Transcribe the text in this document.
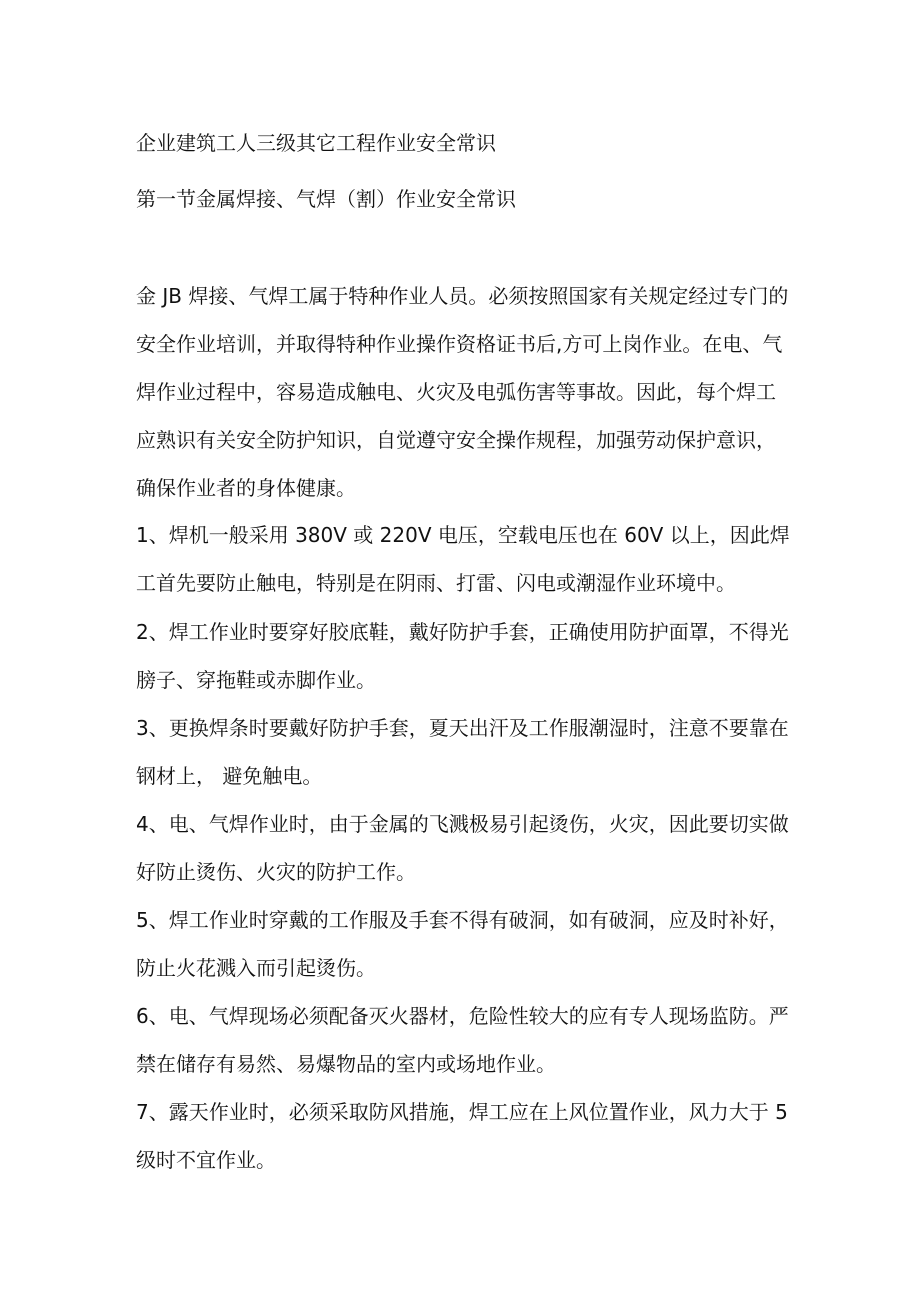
企业建筑工人三级其它工程作业安全常识
第一节金属焊接、气焊（割）作业安全常识
金 JB 焊接、气焊工属于特种作业人员。必须按照国家有关规定经过专门的
安全作业培训，并取得特种作业操作资格证书后,方可上岗作业。在电、气
焊作业过程中，容易造成触电、火灾及电弧伤害等事故。因此，每个焊工
应熟识有关安全防护知识，自觉遵守安全操作规程，加强劳动保护意识，
确保作业者的身体健康。
1、焊机一般采用 380V 或 220V 电压，空载电压也在 60V 以上，因此焊
工首先要防止触电，特别是在阴雨、打雷、闪电或潮湿作业环境中。
2、焊工作业时要穿好胶底鞋，戴好防护手套，正确使用防护面罩，不得光
膀子、穿拖鞋或赤脚作业。
3、更换焊条时要戴好防护手套，夏天出汗及工作服潮湿时，注意不要靠在
钢材上， 避免触电。
4、电、气焊作业时，由于金属的飞溅极易引起烫伤，火灾，因此要切实做
好防止烫伤、火灾的防护工作。
5、焊工作业时穿戴的工作服及手套不得有破洞，如有破洞，应及时补好，
防止火花溅入而引起烫伤。
6、电、气焊现场必须配备灭火器材，危险性较大的应有专人现场监防。严
禁在储存有易然、易爆物品的室内或场地作业。
7、露天作业时，必须采取防风措施，焊工应在上风位置作业，风力大于 5
级时不宜作业。
